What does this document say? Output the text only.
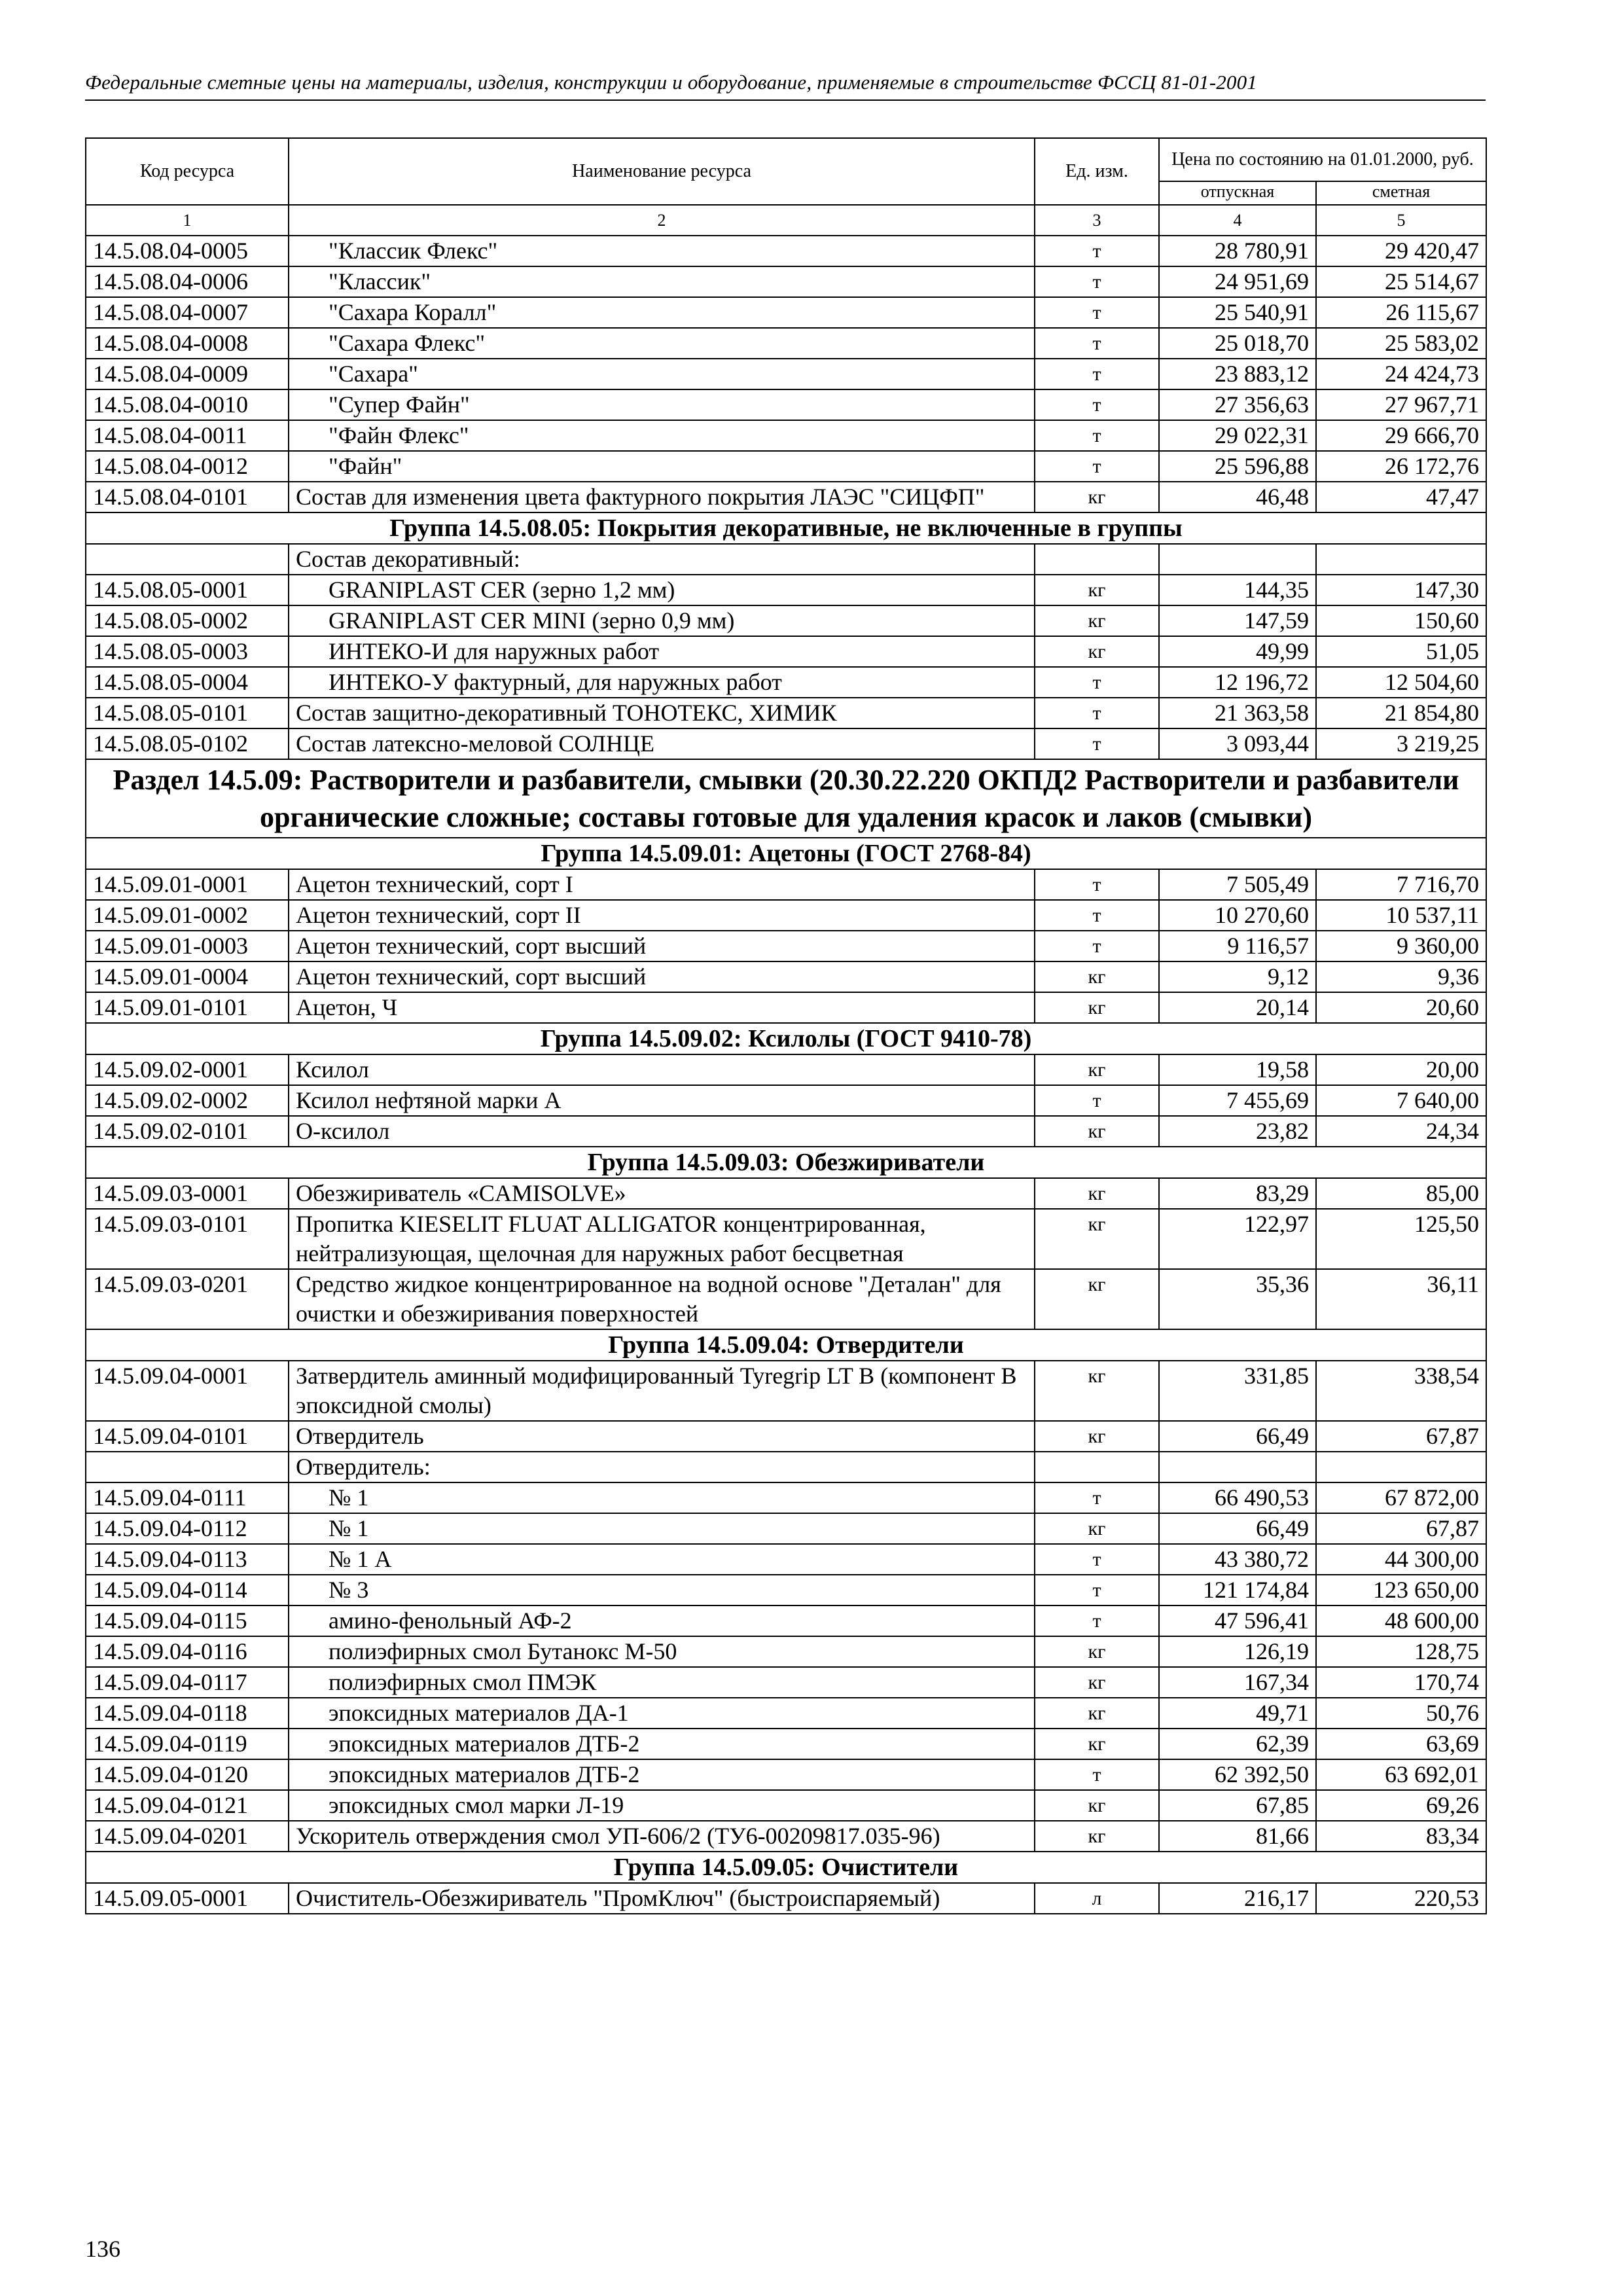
Федеральные сметные цены на материалы, изделия, конструкции и оборудование, применяемые в строительстве ФССЦ 81-01-2001
Код ресурса	Наименование ресурса	Ед. изм.	Цена по состоянию на 01.01.2000, руб.	
			отпускная	сметная
1	2	3	4	5
14.5.08.04-0005	"Классик Флекс"	т	28 780,91	29 420,47
14.5.08.04-0006	"Классик"	т	24 951,69	25 514,67
14.5.08.04-0007	"Сахара Коралл"	т	25 540,91	26 115,67
14.5.08.04-0008	"Сахара Флекс"	т	25 018,70	25 583,02
14.5.08.04-0009	"Сахара"	т	23 883,12	24 424,73
14.5.08.04-0010	"Супер Файн"	т	27 356,63	27 967,71
14.5.08.04-0011	"Файн Флекс"	т	29 022,31	29 666,70
14.5.08.04-0012	"Файн"	т	25 596,88	26 172,76
14.5.08.04-0101	Состав для изменения цвета фактурного покрытия ЛАЭС "СИЦФП"	кг	46,48	47,47
Группа 14.5.08.05: Покрытия декоративные, не включенные в группы				
	Состав декоративный:			
14.5.08.05-0001	GRANIPLAST CER (зерно 1,2 мм)	кг	144,35	147,30
14.5.08.05-0002	GRANIPLAST CER MINI (зерно 0,9 мм)	кг	147,59	150,60
14.5.08.05-0003	ИНТЕКО-И для наружных работ	кг	49,99	51,05
14.5.08.05-0004	ИНТЕКО-У фактурный, для наружных работ	т	12 196,72	12 504,60
14.5.08.05-0101	Состав защитно-декоративный ТОНОТЕКС, ХИМИК	т	21 363,58	21 854,80
14.5.08.05-0102	Состав латексно-меловой СОЛНЦЕ	т	3 093,44	3 219,25
Раздел 14.5.09: Растворители и разбавители, смывки (20.30.22.220 ОКПД2 Растворители и разбавители органические сложные; составы готовые для удаления красок и лаков (смывки)				
Группа 14.5.09.01: Ацетоны (ГОСТ 2768-84)				
14.5.09.01-0001	Ацетон технический, сорт I	т	7 505,49	7 716,70
14.5.09.01-0002	Ацетон технический, сорт II	т	10 270,60	10 537,11
14.5.09.01-0003	Ацетон технический, сорт высший	т	9 116,57	9 360,00
14.5.09.01-0004	Ацетон технический, сорт высший	кг	9,12	9,36
14.5.09.01-0101	Ацетон, Ч	кг	20,14	20,60
Группа 14.5.09.02: Ксилолы (ГОСТ 9410-78)				
14.5.09.02-0001	Ксилол	кг	19,58	20,00
14.5.09.02-0002	Ксилол нефтяной марки А	т	7 455,69	7 640,00
14.5.09.02-0101	О-ксилол	кг	23,82	24,34
Группа 14.5.09.03: Обезжириватели				
14.5.09.03-0001	Обезжириватель «CAMISOLVE»	кг	83,29	85,00
14.5.09.03-0101	Пропитка KIESELIT FLUAT ALLIGATOR концентрированная, нейтрализующая, щелочная для наружных работ бесцветная	кг	122,97	125,50
14.5.09.03-0201	Средство жидкое концентрированное на водной основе "Деталан" для очистки и обезжиривания поверхностей	кг	35,36	36,11
Группа 14.5.09.04: Отвердители				
14.5.09.04-0001	Затвердитель аминный модифицированный Tyregrip LT B (компонент В эпоксидной смолы)	кг	331,85	338,54
14.5.09.04-0101	Отвердитель	кг	66,49	67,87
	Отвердитель:			
14.5.09.04-0111	№ 1	т	66 490,53	67 872,00
14.5.09.04-0112	№ 1	кг	66,49	67,87
14.5.09.04-0113	№ 1 А	т	43 380,72	44 300,00
14.5.09.04-0114	№ 3	т	121 174,84	123 650,00
14.5.09.04-0115	амино-фенольный АФ-2	т	47 596,41	48 600,00
14.5.09.04-0116	полиэфирных смол Бутанокс М-50	кг	126,19	128,75
14.5.09.04-0117	полиэфирных смол ПМЭК	кг	167,34	170,74
14.5.09.04-0118	эпоксидных материалов ДА-1	кг	49,71	50,76
14.5.09.04-0119	эпоксидных материалов ДТБ-2	кг	62,39	63,69
14.5.09.04-0120	эпоксидных материалов ДТБ-2	т	62 392,50	63 692,01
14.5.09.04-0121	эпоксидных смол марки Л-19	кг	67,85	69,26
14.5.09.04-0201	Ускоритель отверждения смол УП-606/2 (ТУ6-00209817.035-96)	кг	81,66	83,34
Группа 14.5.09.05: Очистители				
14.5.09.05-0001	Очиститель-Обезжириватель "ПромКлюч" (быстроиспаряемый)	л	216,17	220,53
136
